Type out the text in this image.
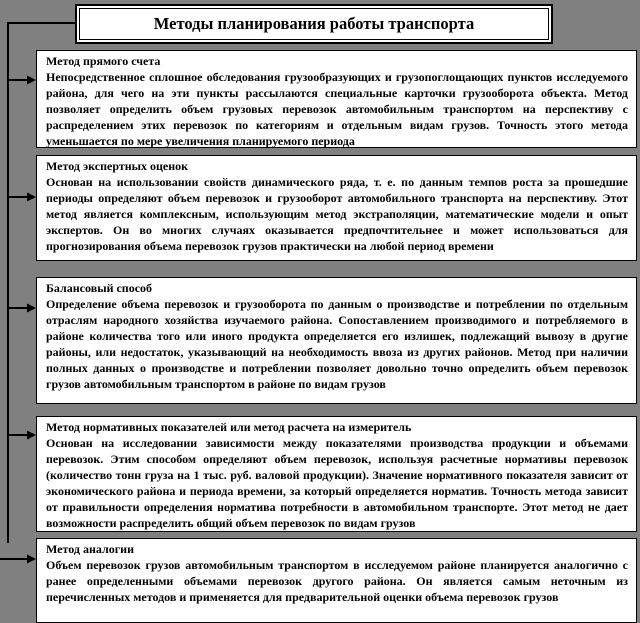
Методы планирования работы транспорта
Метод прямого счета
Непосредственное сплошное обследования грузообразующих и грузопоглощающих пунктов исследуемого района, для чего на эти пункты рассылаются специальные карточки грузооборота объекта. Метод позволяет определить объем грузовых перевозок автомобильным транспортом на перспективу с распределением этих перевозок по категориям и отдельным видам грузов. Точность этого метода уменьшается по мере увеличения планируемого периода
Метод экспертных оценок
Основан на использовании свойств динамического ряда, т. е. по данным темпов роста за прошедшие периоды определяют объем перевозок и грузооборот автомобильного транспорта на перспективу. Этот метод является комплексным, использующим метод экстраполяции, математические модели и опыт экспертов. Он во многих случаях оказывается предпочтительнее и может использоваться для прогнозирования объема перевозок грузов практически на любой период времени
Балансовый способ
Определение объема перевозок и грузооборота по данным о производстве и потреблении по отдельным отраслям народного хозяйства изучаемого района. Сопоставлением производимого и потребляемого в районе количества того или иного продукта определяется его излишек, подлежащий вывозу в другие районы, или недостаток, указывающий на необходимость ввоза из других районов. Метод при наличии полных данных о производстве и потреблении позволяет довольно точно определить объем перевозок грузов автомобильным транспортом в районе по видам грузов
Метод нормативных показателей или метод расчета на измеритель
Основан на исследовании зависимости между показателями производства продукции и объемами перевозок. Этим способом определяют объем перевозок, используя расчетные нормативы перевозок (количество тонн груза на 1 тыс. руб. валовой продукции). Значение нормативного показателя зависит от экономического района и периода времени, за который определяется норматив. Точность метода зависит от правильности определения норматива потребности в автомобильном транспорте. Этот метод не дает возможности распределить общий объем перевозок по видам грузов
Метод аналогии
Объем перевозок грузов автомобильным транспортом в исследуемом районе планируется аналогично с ранее определенными объемами перевозок другого района. Он является самым неточным из перечисленных методов и применяется для предварительной оценки объема перевозок грузов
